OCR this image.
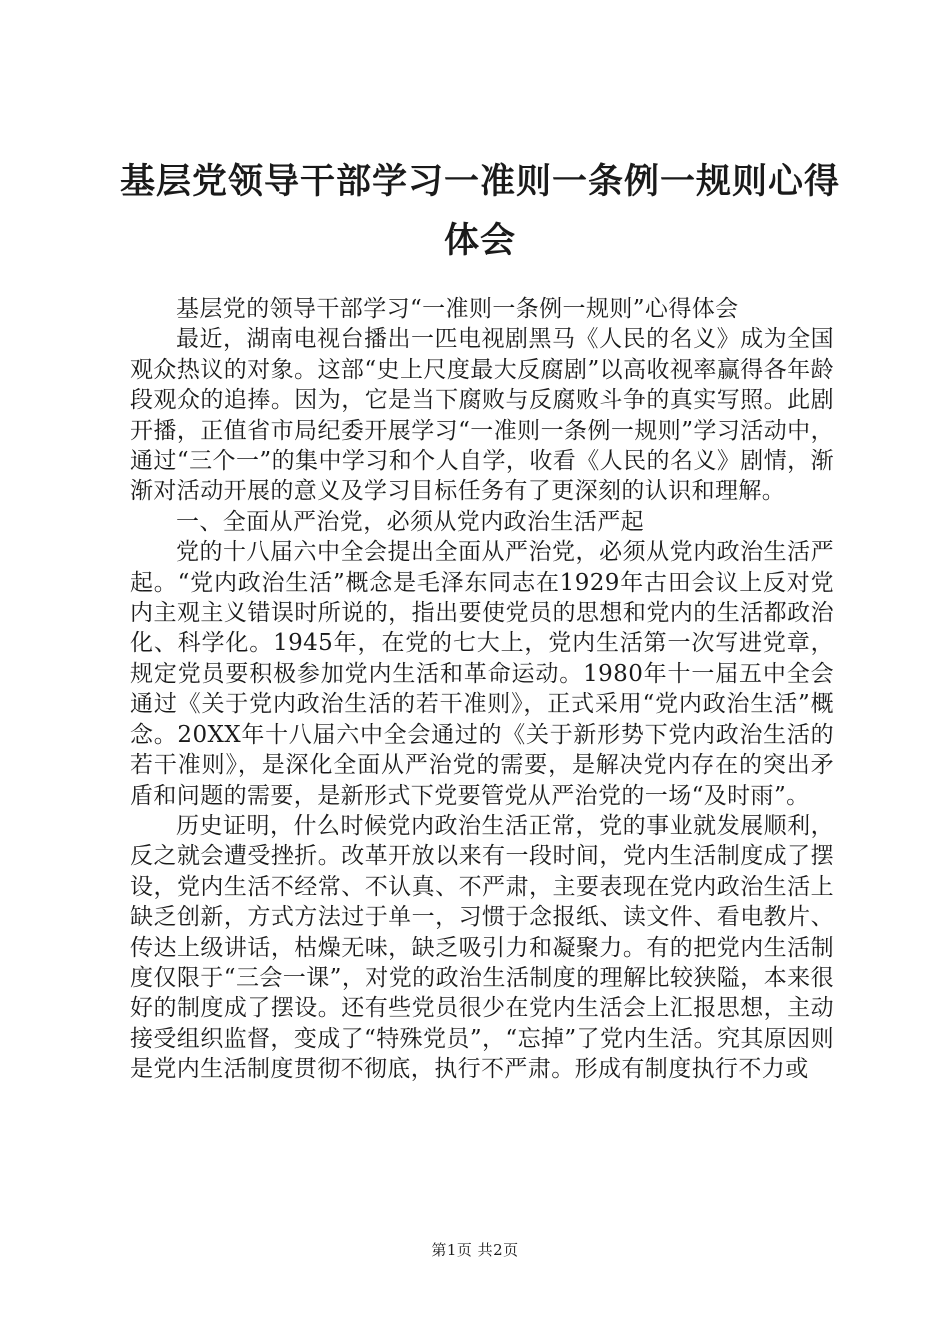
基层党领导干部学习一准则一条例一规则心得
体会

基层党的领导干部学习“一准则一条例一规则”心得体会

最近，湖南电视台播出一匹电视剧黑马《人民的名义》成为全国观众热议的对象。这部“史上尺度最大反腐剧”以高收视率赢得各年龄段观众的追捧。因为，它是当下腐败与反腐败斗争的真实写照。此剧开播，正值省市局纪委开展学习“一准则一条例一规则”学习活动中，通过“三个一”的集中学习和个人自学，收看《人民的名义》剧情，渐渐对活动开展的意义及学习目标任务有了更深刻的认识和理解。

一、全面从严治党，必须从党内政治生活严起

党的十八届六中全会提出全面从严治党，必须从党内政治生活严起。“党内政治生活”概念是毛泽东同志在1929年古田会议上反对党内主观主义错误时所说的，指出要使党员的思想和党内的生活都政治化、科学化。1945年，在党的七大上，党内生活第一次写进党章，规定党员要积极参加党内生活和革命运动。1980年十一届五中全会通过《关于党内政治生活的若干准则》，正式采用“党内政治生活”概念。20XX年十八届六中全会通过的《关于新形势下党内政治生活的若干准则》，是深化全面从严治党的需要，是解决党内存在的突出矛盾和问题的需要，是新形式下党要管党从严治党的一场“及时雨”。

历史证明，什么时候党内政治生活正常，党的事业就发展顺利，反之就会遭受挫折。改革开放以来有一段时间，党内生活制度成了摆设，党内生活不经常、不认真、不严肃，主要表现在党内政治生活上缺乏创新，方式方法过于单一，习惯于念报纸、读文件、看电教片、传达上级讲话，枯燥无味，缺乏吸引力和凝聚力。有的把党内生活制度仅限于“三会一课”，对党的政治生活制度的理解比较狭隘，本来很好的制度成了摆设。还有些党员很少在党内生活会上汇报思想，主动接受组织监督，变成了“特殊党员”，“忘掉”了党内生活。究其原因则是党内生活制度贯彻不彻底，执行不严肃。形成有制度执行不力或

第1页 共2页
